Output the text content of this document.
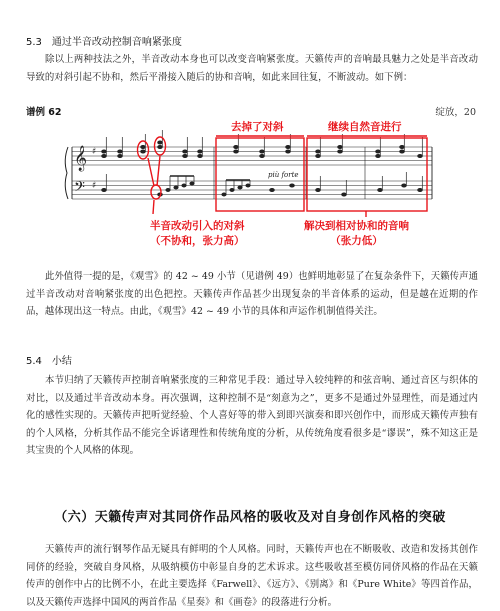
5.3　通过半音改动控制音响紧张度

除以上两种技法之外，半音改动本身也可以改变音响紧张度。天籁传声的音响最具魅力之处是半音改动导致的对斜引起不协和，然后平滑接入随后的协和音响，如此来回往复，不断波动。如下例：

谱例 62	绽放，20
𝄞
𝄢
♯
♯
più forte
去掉了对斜	继续自然音进行
半音改动引入的对斜
（不协和，张力高）
解决到相对协和的音响
（张力低）

此外值得一提的是，《观雪》的 42 ~ 49 小节（见谱例 49）也鲜明地彰显了在复杂条件下，天籁传声通过半音改动对音响紧张度的出色把控。天籁传声作品甚少出现复杂的半音体系的运动，但是越在近期的作品，越体现出这一特点。由此，《观雪》42 ~ 49 小节的具体和声运作机制值得关注。

5.4　小结

本节归纳了天籁传声控制音响紧张度的三种常见手段：通过导入较纯粹的和弦音响、通过音区与织体的对比，以及通过半音改动本身。再次强调，这种控制不是“刻意为之”，更多不是通过外显理性，而是通过内化的感性实现的。天籁传声把听觉经验、个人喜好等的带入到即兴演奏和即兴创作中，而形成天籁传声独有的个人风格，分析其作品不能完全诉诸理性和传统角度的分析，从传统角度看很多是“谬误”，殊不知这正是其宝贵的个人风格的体现。

（六）天籁传声对其同侪作品风格的吸收及对自身创作风格的突破

天籁传声的流行钢琴作品无疑具有鲜明的个人风格。同时，天籁传声也在不断吸收、改造和发扬其创作同侪的经验，突破自身风格，从吸纳模仿中彰显自身的艺术诉求。这些吸收甚至模仿同侪风格的作品在天籁传声的创作中占的比例不小，在此主要选择《Farwell》、《远方》、《别离》和《Pure White》等四首作品，以及天籁传声选择中国风的两首作品《星奏》和《画卷》的段落进行分析。
